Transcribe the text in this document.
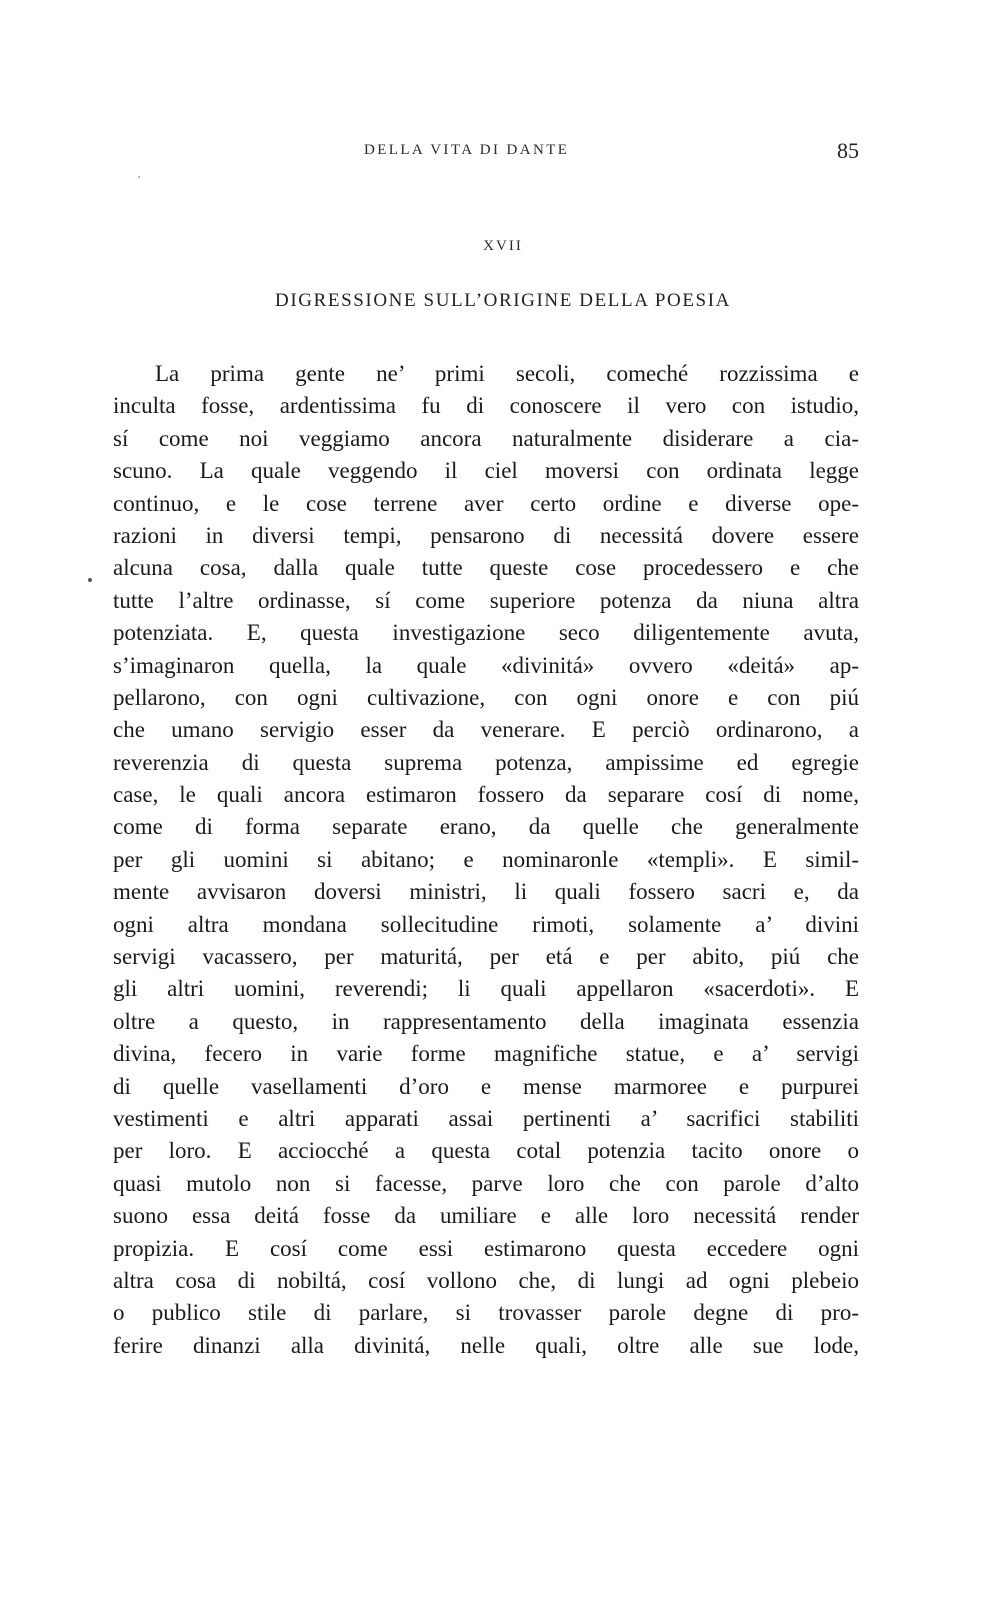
DELLA VITA DI DANTE	85
XVII
DIGRESSIONE SULL’ORIGINE DELLA POESIA
La prima gente ne’ primi secoli, comeché rozzissima e
inculta fosse, ardentissima fu di conoscere il vero con istudio,
sí come noi veggiamo ancora naturalmente disiderare a cia-
scuno. La quale veggendo il ciel moversi con ordinata legge
continuo, e le cose terrene aver certo ordine e diverse ope-
razioni in diversi tempi, pensarono di necessitá dovere essere
alcuna cosa, dalla quale tutte queste cose procedessero e che
tutte l’altre ordinasse, sí come superiore potenza da niuna altra
potenziata. E, questa investigazione seco diligentemente avuta,
s’imaginaron quella, la quale «divinitá» ovvero «deitá» ap-
pellarono, con ogni cultivazione, con ogni onore e con piú
che umano servigio esser da venerare. E perciò ordinarono, a
reverenzia di questa suprema potenza, ampissime ed egregie
case, le quali ancora estimaron fossero da separare cosí di nome,
come di forma separate erano, da quelle che generalmente
per gli uomini si abitano; e nominaronle «templi». E simil-
mente avvisaron doversi ministri, li quali fossero sacri e, da
ogni altra mondana sollecitudine rimoti, solamente a’ divini
servigi vacassero, per maturitá, per etá e per abito, piú che
gli altri uomini, reverendi; li quali appellaron «sacerdoti». E
oltre a questo, in rappresentamento della imaginata essenzia
divina, fecero in varie forme magnifiche statue, e a’ servigi
di quelle vasellamenti d’oro e mense marmoree e purpurei
vestimenti e altri apparati assai pertinenti a’ sacrifici stabiliti
per loro. E acciocché a questa cotal potenzia tacito onore o
quasi mutolo non si facesse, parve loro che con parole d’alto
suono essa deitá fosse da umiliare e alle loro necessitá render
propizia. E cosí come essi estimarono questa eccedere ogni
altra cosa di nobiltá, cosí vollono che, di lungi ad ogni plebeio
o publico stile di parlare, si trovasser parole degne di pro-
ferire dinanzi alla divinitá, nelle quali, oltre alle sue lode,
